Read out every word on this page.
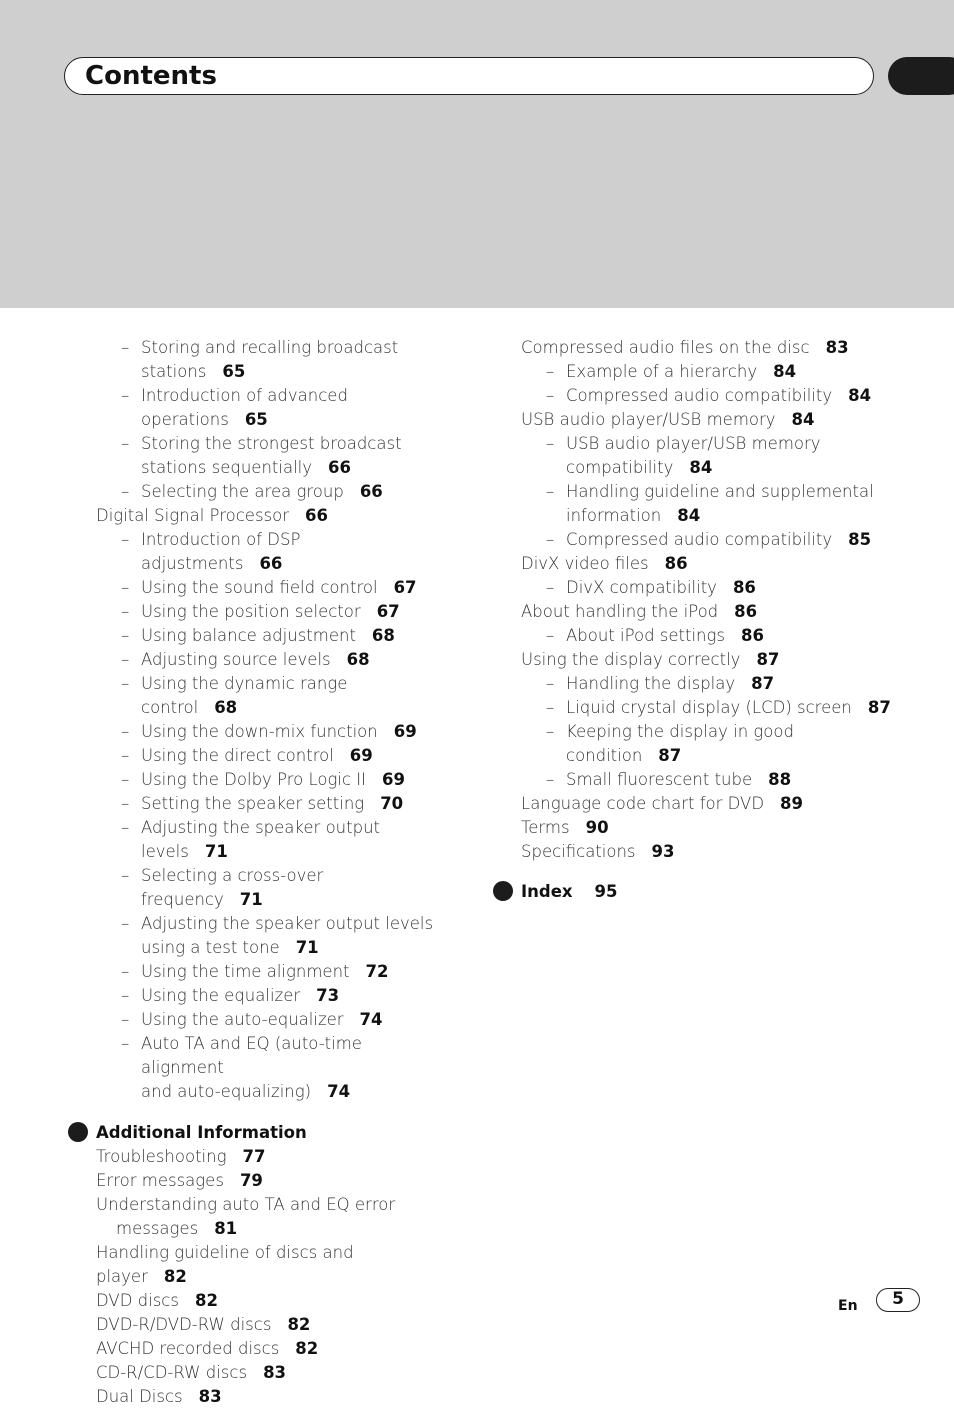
Contents
– Storing and recalling broadcast
stations 65
– Introduction of advanced
operations 65
– Storing the strongest broadcast
stations sequentially 66
– Selecting the area group 66
Digital Signal Processor 66
– Introduction of DSP adjustments 66
– Using the sound field control 67
– Using the position selector 67
– Using balance adjustment 68
– Adjusting source levels 68
– Using the dynamic range control 68
– Using the down-mix function 69
– Using the direct control 69
– Using the Dolby Pro Logic II 69
– Setting the speaker setting 70
– Adjusting the speaker output
levels 71
– Selecting a cross-over frequency 71
– Adjusting the speaker output levels
using a test tone 71
– Using the time alignment 72
– Using the equalizer 73
– Using the auto-equalizer 74
– Auto TA and EQ (auto-time alignment
and auto-equalizing) 74
Additional Information
Troubleshooting 77
Error messages 79
Understanding auto TA and EQ error
messages 81
Handling guideline of discs and player 82
DVD discs 82
DVD-R/DVD-RW discs 82
AVCHD recorded discs 82
CD-R/CD-RW discs 83
Dual Discs 83
Compressed audio files on the disc 83
– Example of a hierarchy 84
– Compressed audio compatibility 84
USB audio player/USB memory 84
– USB audio player/USB memory
compatibility 84
– Handling guideline and supplemental
information 84
– Compressed audio compatibility 85
DivX video files 86
– DivX compatibility 86
About handling the iPod 86
– About iPod settings 86
Using the display correctly 87
– Handling the display 87
– Liquid crystal display (LCD) screen 87
– Keeping the display in good
condition 87
– Small fluorescent tube 88
Language code chart for DVD 89
Terms 90
Specifications 93
Index 95
En	5
